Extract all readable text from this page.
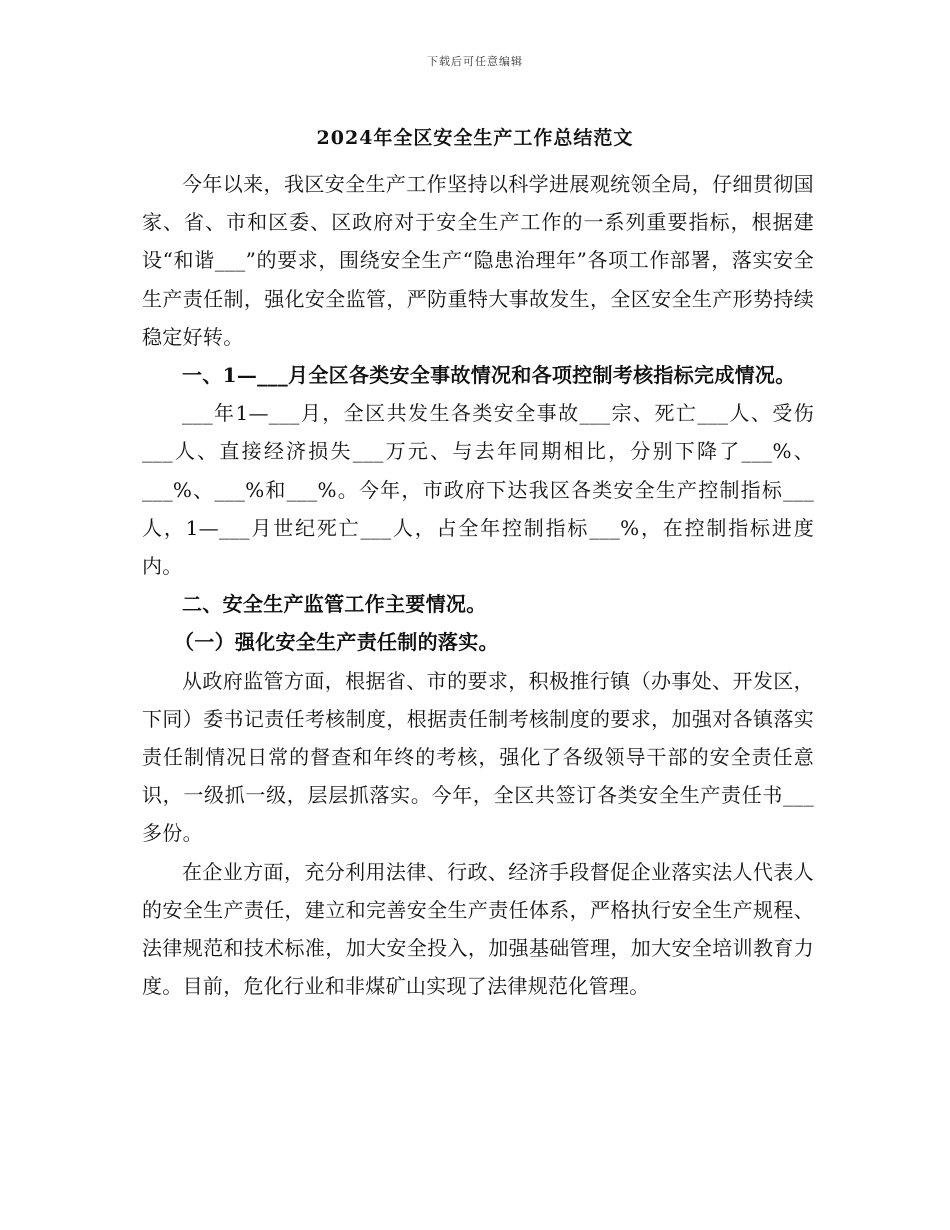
下载后可任意编辑
2024年全区安全生产工作总结范文

今年以来，我区安全生产工作坚持以科学进展观统领全局，仔细贯彻国家、省、市和区委、区政府对于安全生产工作的一系列重要指标，根据建设“和谐___”的要求，围绕安全生产“隐患治理年”各项工作部署，落实安全生产责任制，强化安全监管，严防重特大事故发生，全区安全生产形势持续稳定好转。

一、1—___月全区各类安全事故情况和各项控制考核指标完成情况。

___年1—___月，全区共发生各类安全事故___宗、死亡___人、受伤___人、直接经济损失___万元、与去年同期相比，分别下降了___%、___%、___%和___%。今年，市政府下达我区各类安全生产控制指标___人，1—___月世纪死亡___人，占全年控制指标___%，在控制指标进度内。

二、安全生产监管工作主要情况。

（一）强化安全生产责任制的落实。

从政府监管方面，根据省、市的要求，积极推行镇（办事处、开发区，下同）委书记责任考核制度，根据责任制考核制度的要求，加强对各镇落实责任制情况日常的督查和年终的考核，强化了各级领导干部的安全责任意识，一级抓一级，层层抓落实。今年，全区共签订各类安全生产责任书___多份。

在企业方面，充分利用法律、行政、经济手段督促企业落实法人代表人的安全生产责任，建立和完善安全生产责任体系，严格执行安全生产规程、法律规范和技术标准，加大安全投入，加强基础管理，加大安全培训教育力度。目前，危化行业和非煤矿山实现了法律规范化管理。
